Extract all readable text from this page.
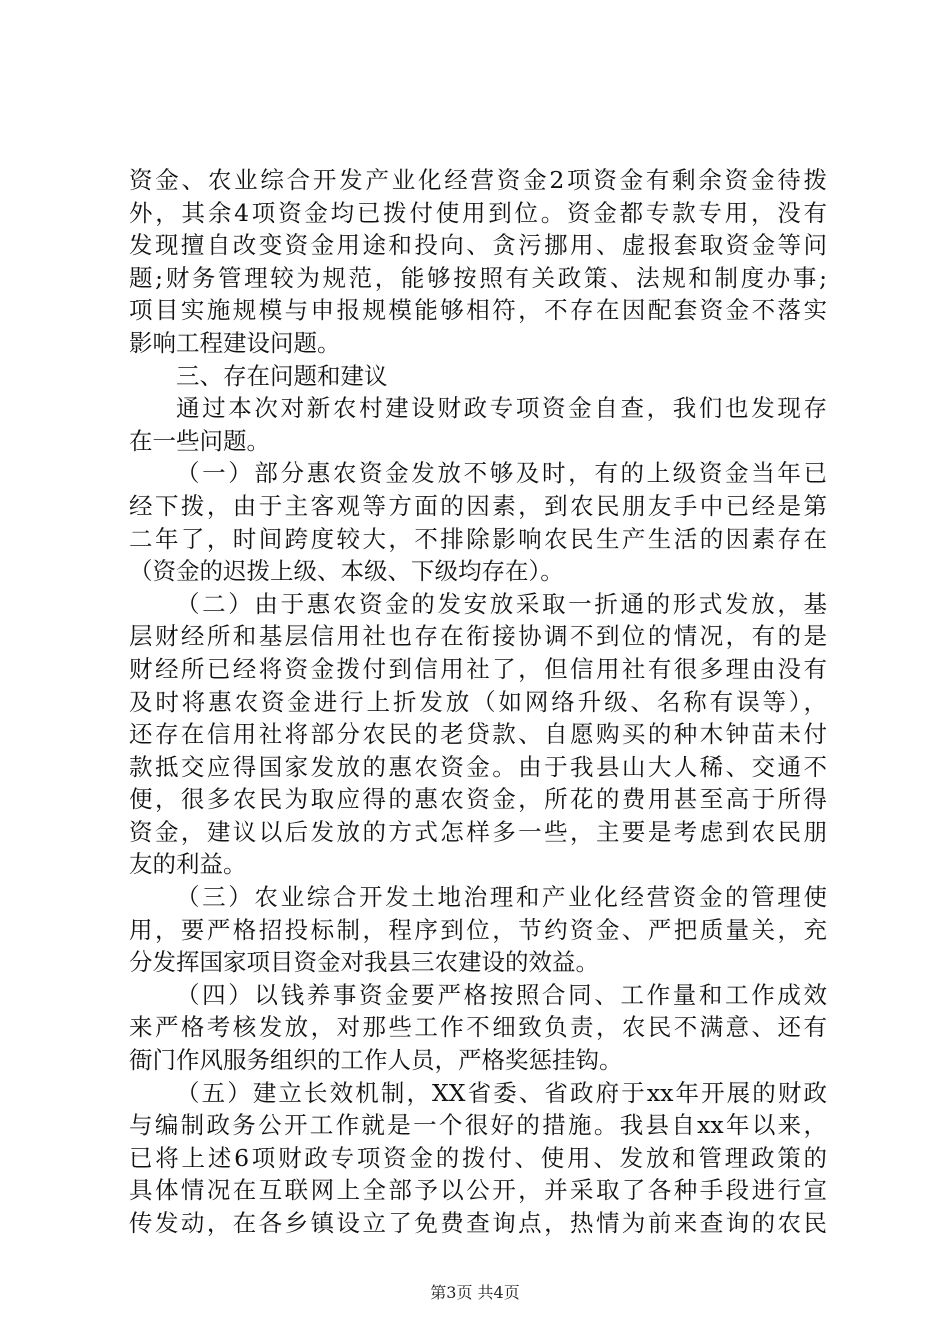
资金、农业综合开发产业化经营资金2项资金有剩余资金待拨
外，其余4项资金均已拨付使用到位。资金都专款专用，没有
发现擅自改变资金用途和投向、贪污挪用、虚报套取资金等问
题;财务管理较为规范，能够按照有关政策、法规和制度办事;
项目实施规模与申报规模能够相符，不存在因配套资金不落实
影响工程建设问题。
三、存在问题和建议
通过本次对新农村建设财政专项资金自查，我们也发现存
在一些问题。
（一）部分惠农资金发放不够及时，有的上级资金当年已
经下拨，由于主客观等方面的因素，到农民朋友手中已经是第
二年了，时间跨度较大，不排除影响农民生产生活的因素存在
（资金的迟拨上级、本级、下级均存在）。
（二）由于惠农资金的发安放采取一折通的形式发放，基
层财经所和基层信用社也存在衔接协调不到位的情况，有的是
财经所已经将资金拨付到信用社了，但信用社有很多理由没有
及时将惠农资金进行上折发放（如网络升级、名称有误等），
还存在信用社将部分农民的老贷款、自愿购买的种木钟苗未付
款抵交应得国家发放的惠农资金。由于我县山大人稀、交通不
便，很多农民为取应得的惠农资金，所花的费用甚至高于所得
资金，建议以后发放的方式怎样多一些，主要是考虑到农民朋
友的利益。
（三）农业综合开发土地治理和产业化经营资金的管理使
用，要严格招投标制，程序到位，节约资金、严把质量关，充
分发挥国家项目资金对我县三农建设的效益。
（四）以钱养事资金要严格按照合同、工作量和工作成效
来严格考核发放，对那些工作不细致负责，农民不满意、还有
衙门作风服务组织的工作人员，严格奖惩挂钩。
（五）建立长效机制，XX省委、省政府于xx年开展的财政
与编制政务公开工作就是一个很好的措施。我县自xx年以来，
已将上述6项财政专项资金的拨付、使用、发放和管理政策的
具体情况在互联网上全部予以公开，并采取了各种手段进行宣
传发动，在各乡镇设立了免费查询点，热情为前来查询的农民
第3页 共4页
